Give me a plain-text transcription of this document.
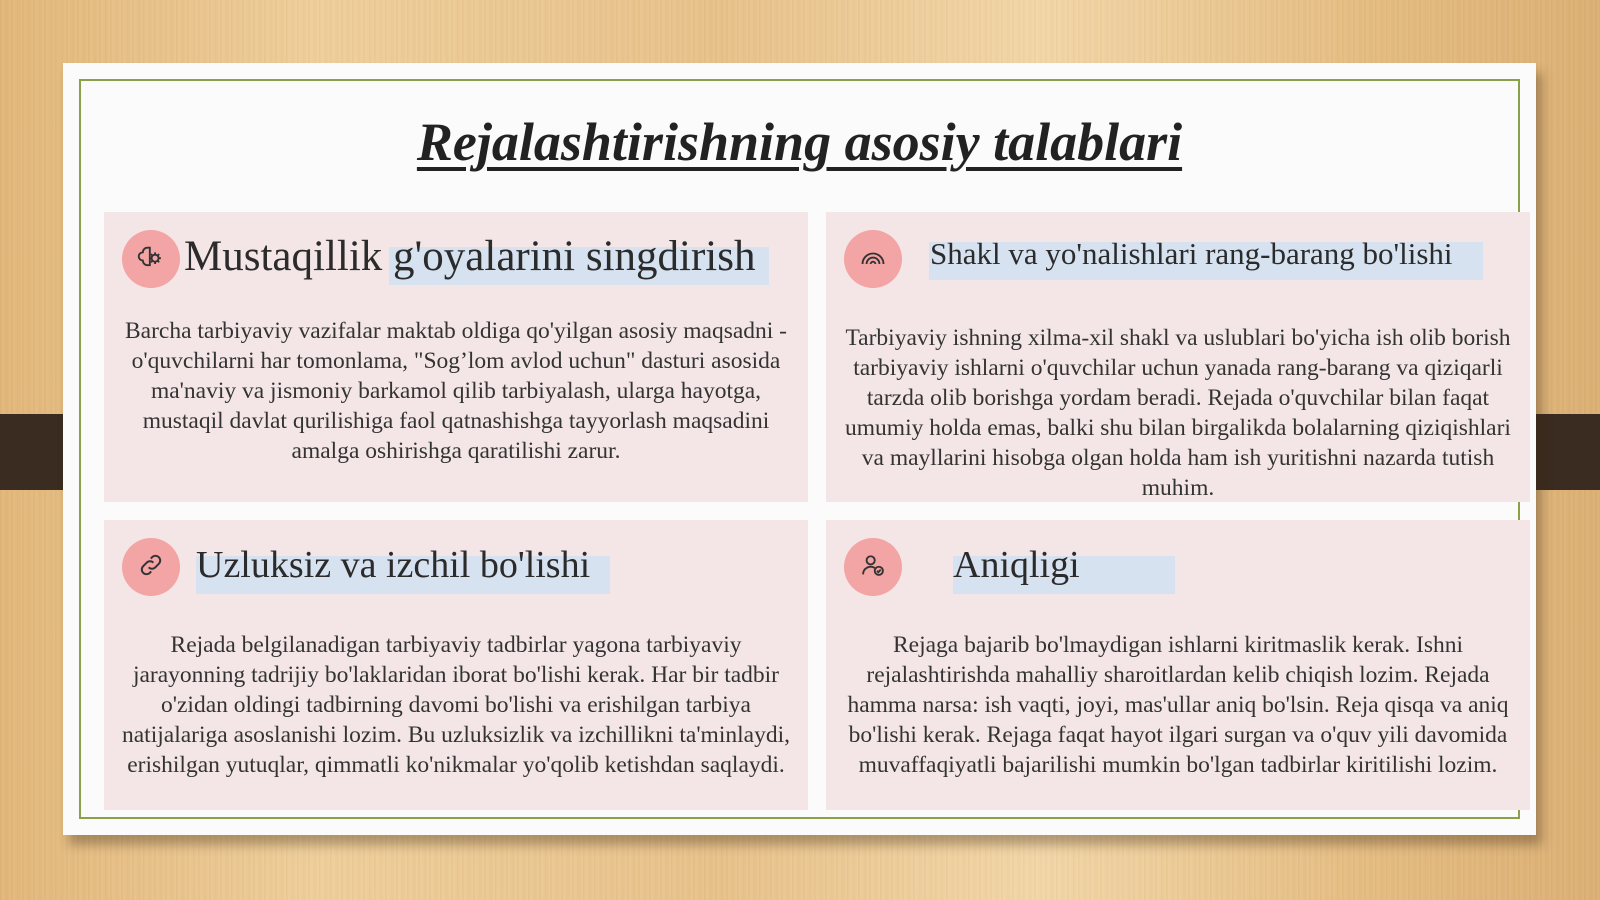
Rejalashtirishning asosiy talablari
Mustaqillik g'oyalarini singdirish

Barcha tarbiyaviy vazifalar maktab oldiga qo'yilgan asosiy maqsadni - o'quvchilarni har tomonlama, "Sog’lom avlod uchun" dasturi asosida ma'naviy va jismoniy barkamol qilib tarbiyalash, ularga hayotga, mustaqil davlat qurilishiga faol qatnashishga tayyorlash maqsadini amalga oshirishga qaratilishi zarur.

Shakl va yo'nalishlari rang-barang bo'lishi

Tarbiyaviy ishning xilma-xil shakl va uslublari bo'yicha ish olib borish tarbiyaviy ishlarni o'quvchilar uchun yanada rang-barang va qiziqarli tarzda olib borishga yordam beradi. Rejada o'quvchilar bilan faqat umumiy holda emas, balki shu bilan birgalikda bolalarning qiziqishlari va mayllarini hisobga olgan holda ham ish yuritishni nazarda tutish muhim.

Uzluksiz va izchil bo'lishi

Rejada belgilanadigan tarbiyaviy tadbirlar yagona tarbiyaviy jarayonning tadrijiy bo'laklaridan iborat bo'lishi kerak. Har bir tadbir o'zidan oldingi tadbirning davomi bo'lishi va erishilgan tarbiya natijalariga asoslanishi lozim. Bu uzluksizlik va izchillikni ta'minlaydi, erishilgan yutuqlar, qimmatli ko'nikmalar yo'qolib ketishdan saqlaydi.

Aniqligi

Rejaga bajarib bo'lmaydigan ishlarni kiritmaslik kerak. Ishni rejalashtirishda mahalliy sharoitlardan kelib chiqish lozim. Rejada hamma narsa: ish vaqti, joyi, mas'ullar aniq bo'lsin. Reja qisqa va aniq bo'lishi kerak. Rejaga faqat hayot ilgari surgan va o'quv yili davomida muvaffaqiyatli bajarilishi mumkin bo'lgan tadbirlar kiritilishi lozim.
